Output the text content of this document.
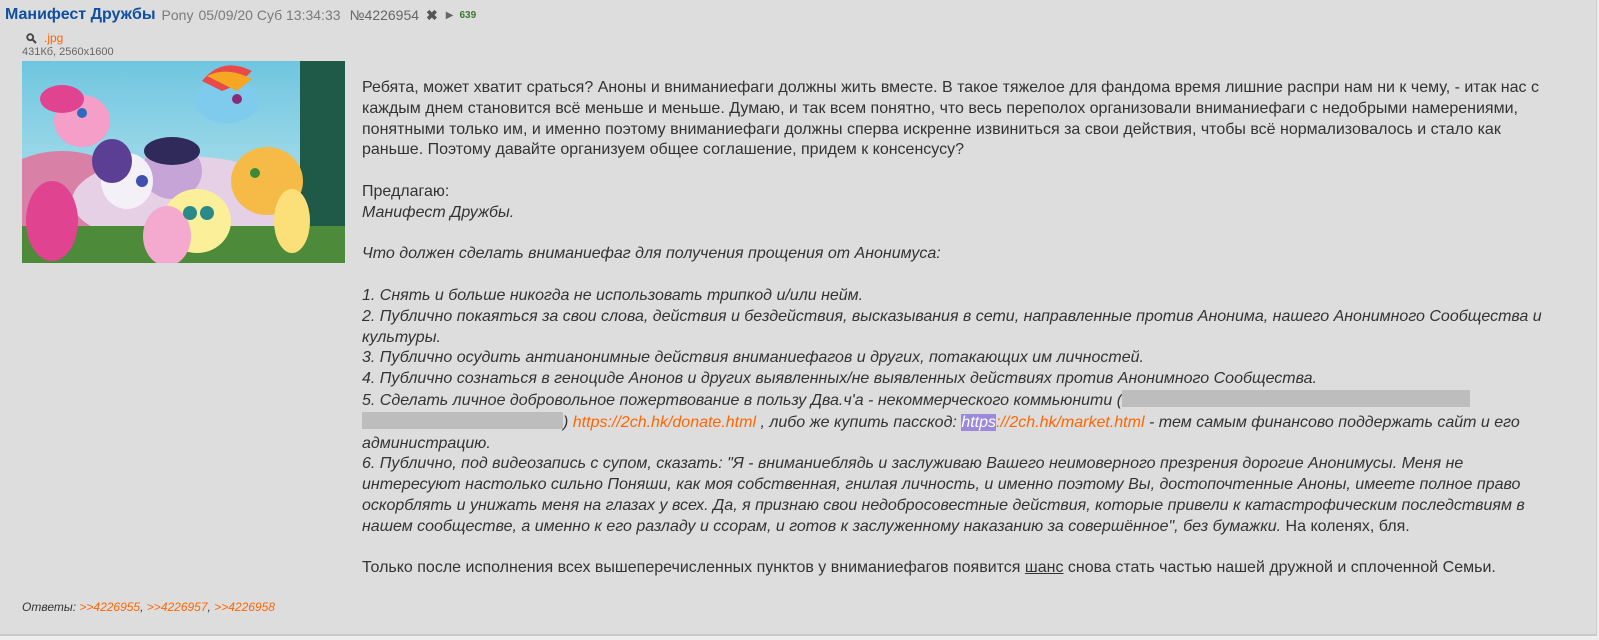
Манифест Дружбы Pony 05/09/20 Суб 13:34:33 №4226954 ✖ ▶ 639
.jpg
431Кб, 2560x1600

Ребята, может хватит сраться? Аноны и вниманиефаги должны жить вместе. В такое тяжелое для фандома время лишние распри нам ни к чему, - итак нас с каждым днем становится всё меньше и меньше. Думаю, и так всем понятно, что весь переполох организовали вниманиефаги с недобрыми намерениями, понятными только им, и именно поэтому вниманиефаги должны сперва искренне извиниться за свои действия, чтобы всё нормализовалось и стало как раньше. Поэтому давайте организуем общее соглашение, придем к консенсусу?

Предлагаю:

Манифест Дружбы.

Что должен сделать вниманиефаг для получения прощения от Анонимуса:

1. Снять и больше никогда не использовать трипкод и/или нейм.

2. Публично покаяться за свои слова, действия и бездействия, высказывания в сети, направленные против Анонима, нашего Анонимного Сообщества и культуры.

3. Публично осудить антианонимные действия вниманиефагов и других, потакающих им личностей.

4. Публично сознаться в геноциде Анонов и других выявленных/не выявленных действиях против Анонимного Сообщества.

5. Сделать личное добровольное пожертвование в пользу Два.ч'а - некоммерческого коммьюнити ( ) https://2ch.hk/donate.html , либо же купить пасскод: https://2ch.hk/market.html - тем самым финансово поддержать сайт и его администрацию.

6. Публично, под видеозапись с супом, сказать: "Я - вниманиеблядь и заслуживаю Вашего неимоверного презрения дорогие Анонимусы. Меня не интересуют настолько сильно Поняши, как моя собственная, гнилая личность, и именно поэтому Вы, достопочтенные Аноны, имеете полное право оскорблять и унижать меня на глазах у всех. Да, я признаю свои недобросовестные действия, которые привели к катастрофическим последствиям в нашем сообществе, а именно к его разладу и ссорам, и готов к заслуженному наказанию за совершённое", без бумажки. На коленях, бля.

Только после исполнения всех вышеперечисленных пунктов у вниманиефагов появится шанс снова стать частью нашей дружной и сплоченной Семьи.

Ответы: >>4226955, >>4226957, >>4226958
